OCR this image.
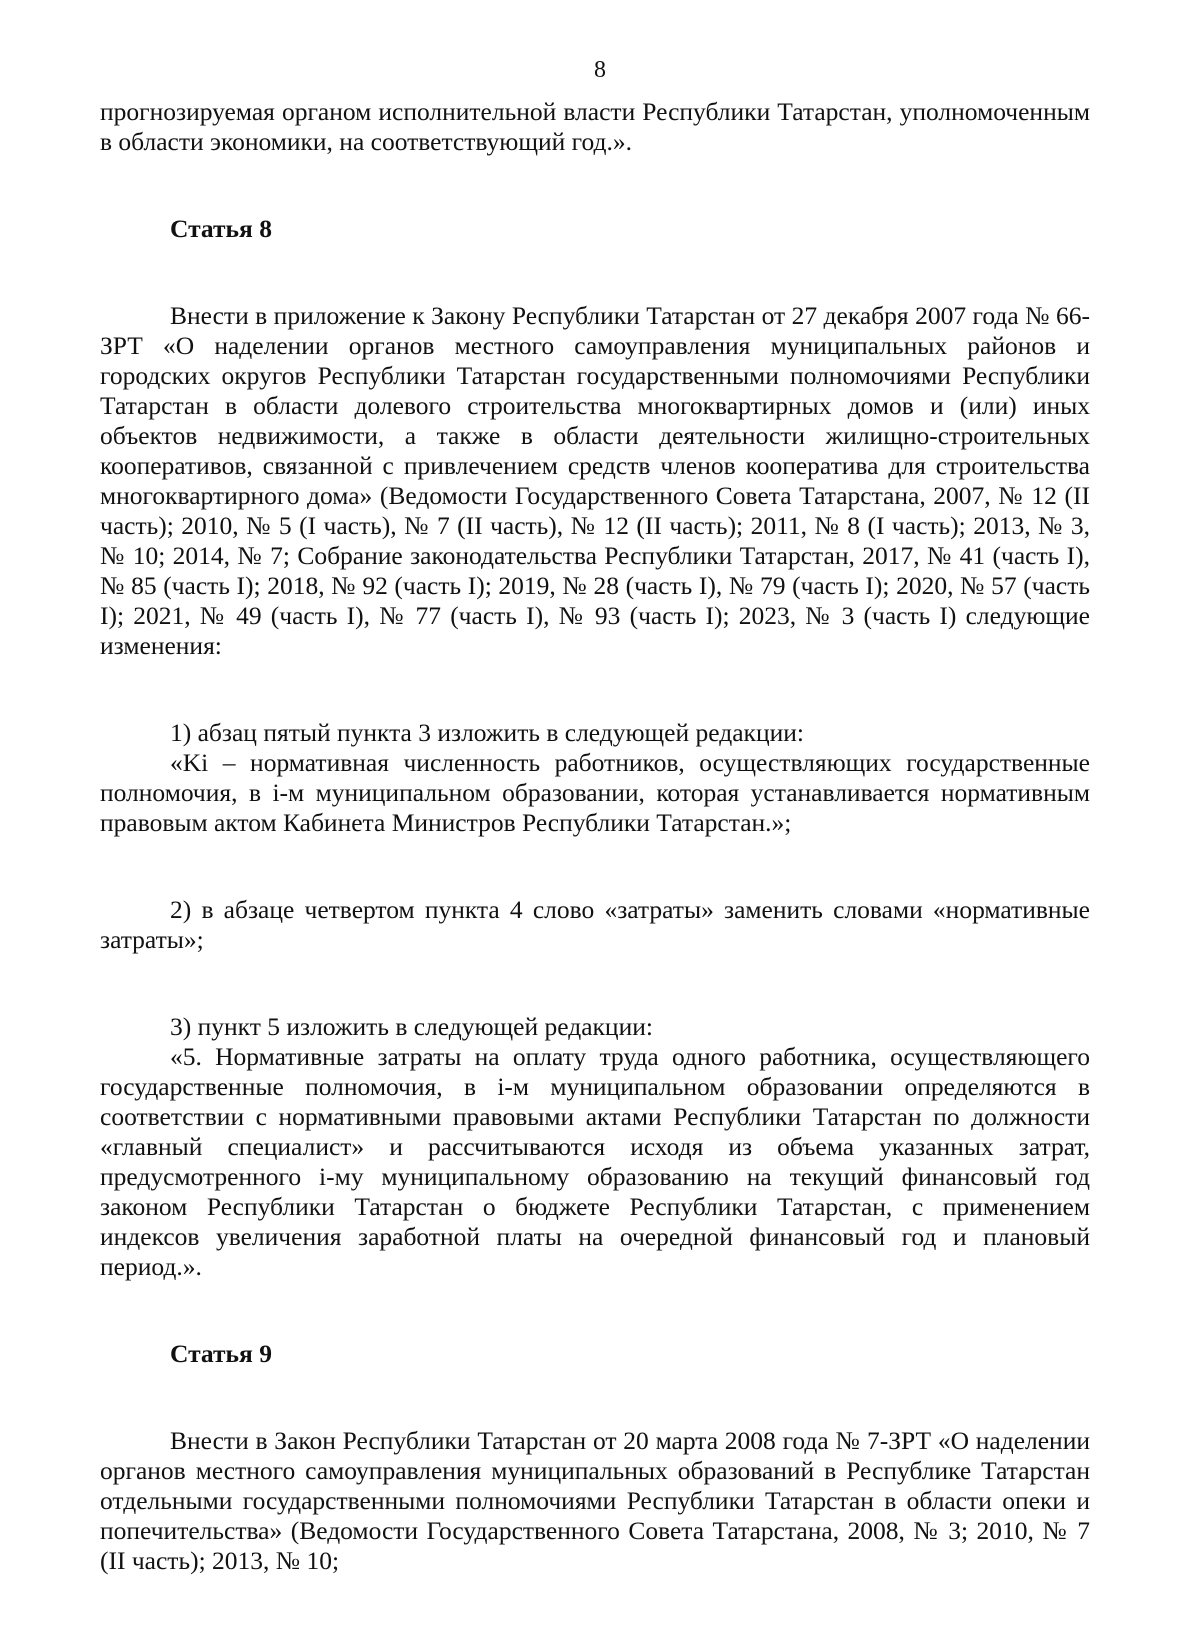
8

прогнозируемая органом исполнительной власти Республики Татарстан, уполномоченным в области экономики, на соответствующий год.».

Статья 8

Внести в приложение к Закону Республики Татарстан от 27 декабря 2007 года № 66-ЗРТ «О наделении органов местного самоуправления муниципальных районов и городских округов Республики Татарстан государственными полномочиями Республики Татарстан в области долевого строительства многоквартирных домов и (или) иных объектов недвижимости, а также в области деятельности жилищно-строительных кооперативов, связанной с привлечением средств членов кооператива для строительства многоквартирного дома» (Ведомости Государственного Совета Татарстана, 2007, № 12 (II часть); 2010, № 5 (I часть), № 7 (II часть), № 12 (II часть); 2011, № 8 (I часть); 2013, № 3, № 10; 2014, № 7; Собрание законодательства Республики Татарстан, 2017, № 41 (часть I), № 85 (часть I); 2018, № 92 (часть I); 2019, № 28 (часть I), № 79 (часть I); 2020, № 57 (часть I); 2021, № 49 (часть I), № 77 (часть I), № 93 (часть I); 2023, № 3 (часть I) следующие изменения:

1) абзац пятый пункта 3 изложить в следующей редакции:

«Ki – нормативная численность работников, осуществляющих государственные полномочия, в i-м муниципальном образовании, которая устанавливается нормативным правовым актом Кабинета Министров Республики Татарстан.»;

2) в абзаце четвертом пункта 4 слово «затраты» заменить словами «нормативные затраты»;

3) пункт 5 изложить в следующей редакции:

«5. Нормативные затраты на оплату труда одного работника, осуществляющего государственные полномочия, в i-м муниципальном образовании определяются в соответствии с нормативными правовыми актами Республики Татарстан по должности «главный специалист» и рассчитываются исходя из объема указанных затрат, предусмотренного i-му муниципальному образованию на текущий финансовый год законом Республики Татарстан о бюджете Республики Татарстан, с применением индексов увеличения заработной платы на очередной финансовый год и плановый период.».

Статья 9

Внести в Закон Республики Татарстан от 20 марта 2008 года № 7-ЗРТ «О наделении органов местного самоуправления муниципальных образований в Республике Татарстан отдельными государственными полномочиями Республики Татарстан в области опеки и попечительства» (Ведомости Государственного Совета Татарстана, 2008, № 3; 2010, № 7 (II часть); 2013, № 10;
